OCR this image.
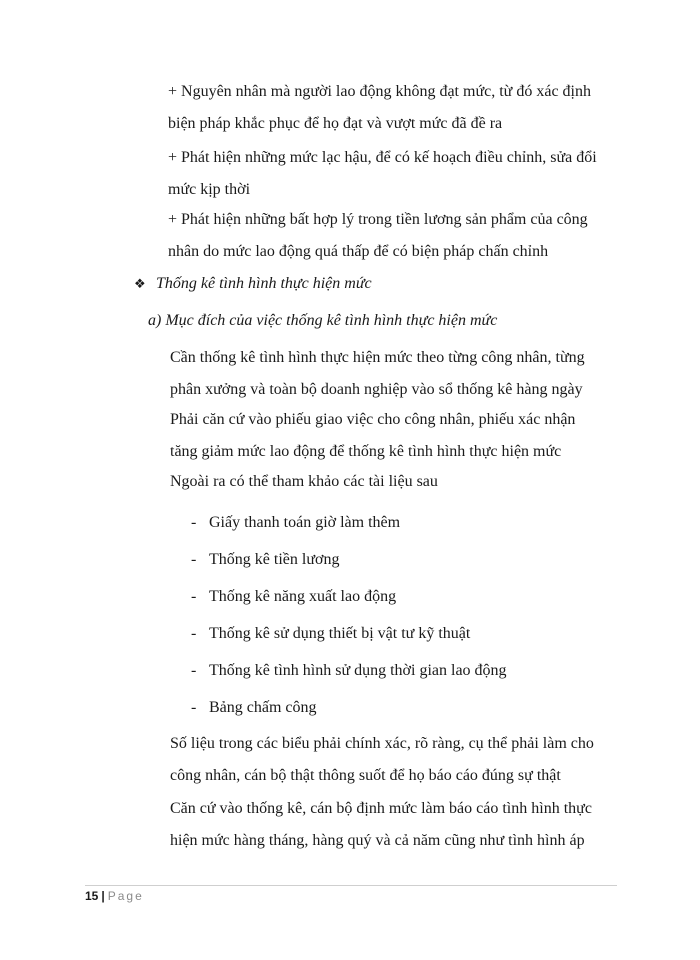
+ Nguyên nhân mà người lao động không đạt mức, từ đó xác định
biện pháp khắc phục để họ đạt và vượt mức đã đề ra

+ Phát hiện những mức lạc hậu, để có kế hoạch điều chỉnh, sửa đổi
mức kịp thời

+ Phát hiện những bất hợp lý trong tiền lương sản phẩm của công
nhân do mức lao động quá thấp để có biện pháp chấn chỉnh

❖ Thống kê tình hình thực hiện mức
a) Mục đích của việc thống kê tình hình thực hiện mức

Cần thống kê tình hình thực hiện mức theo từng công nhân, từng
phân xưởng và toàn bộ doanh nghiệp vào sổ thống kê hàng ngày

Phải căn cứ vào phiếu giao việc cho công nhân, phiếu xác nhận
tăng giảm mức lao động để thống kê tình hình thực hiện mức

Ngoài ra có thể tham khảo các tài liệu sau

- Giấy thanh toán giờ làm thêm
- Thống kê tiền lương
- Thống kê năng xuất lao động
- Thống kê sử dụng thiết bị vật tư kỹ thuật
- Thống kê tình hình sử dụng thời gian lao động
- Bảng chấm công

Số liệu trong các biểu phải chính xác, rõ ràng, cụ thể phải làm cho
công nhân, cán bộ thật thông suốt để họ báo cáo đúng sự thật

Căn cứ vào thống kê, cán bộ định mức làm báo cáo tình hình thực
hiện mức hàng tháng, hàng quý và cả năm cũng như tình hình áp

15 | Page
